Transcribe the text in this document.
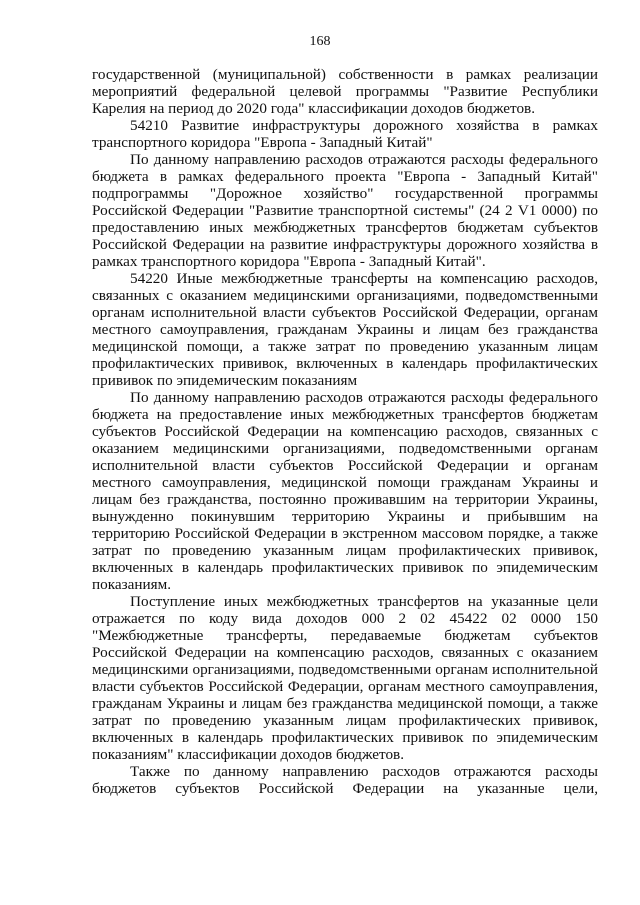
168

государственной (муниципальной) собственности в рамках реализации мероприятий федеральной целевой программы "Развитие Республики Карелия на период до 2020 года" классификации доходов бюджетов.

54210 Развитие инфраструктуры дорожного хозяйства в рамках транспортного коридора "Европа - Западный Китай"

По данному направлению расходов отражаются расходы федерального бюджета в рамках федерального проекта "Европа - Западный Китай" подпрограммы "Дорожное хозяйство" государственной программы Российской Федерации "Развитие транспортной системы" (24 2 V1 0000) по предоставлению иных межбюджетных трансфертов бюджетам субъектов Российской Федерации на развитие инфраструктуры дорожного хозяйства в рамках транспортного коридора "Европа - Западный Китай".

54220 Иные межбюджетные трансферты на компенсацию расходов, связанных с оказанием медицинскими организациями, подведомственными органам исполнительной власти субъектов Российской Федерации, органам местного самоуправления, гражданам Украины и лицам без гражданства медицинской помощи, а также затрат по проведению указанным лицам профилактических прививок, включенных в календарь профилактических прививок по эпидемическим показаниям

По данному направлению расходов отражаются расходы федерального бюджета на предоставление иных межбюджетных трансфертов бюджетам субъектов Российской Федерации на компенсацию расходов, связанных с оказанием медицинскими организациями, подведомственными органам исполнительной власти субъектов Российской Федерации и органам местного самоуправления, медицинской помощи гражданам Украины и лицам без гражданства, постоянно проживавшим на территории Украины, вынужденно покинувшим территорию Украины и прибывшим на территорию Российской Федерации в экстренном массовом порядке, а также затрат по проведению указанным лицам профилактических прививок, включенных в календарь профилактических прививок по эпидемическим показаниям.

Поступление иных межбюджетных трансфертов на указанные цели отражается по коду вида доходов 000 2 02 45422 02 0000 150 "Межбюджетные трансферты, передаваемые бюджетам субъектов Российской Федерации на компенсацию расходов, связанных с оказанием медицинскими организациями, подведомственными органам исполнительной власти субъектов Российской Федерации, органам местного самоуправления, гражданам Украины и лицам без гражданства медицинской помощи, а также затрат по проведению указанным лицам профилактических прививок, включенных в календарь профилактических прививок по эпидемическим показаниям" классификации доходов бюджетов.

Также по данному направлению расходов отражаются расходы бюджетов субъектов Российской Федерации на указанные цели,
